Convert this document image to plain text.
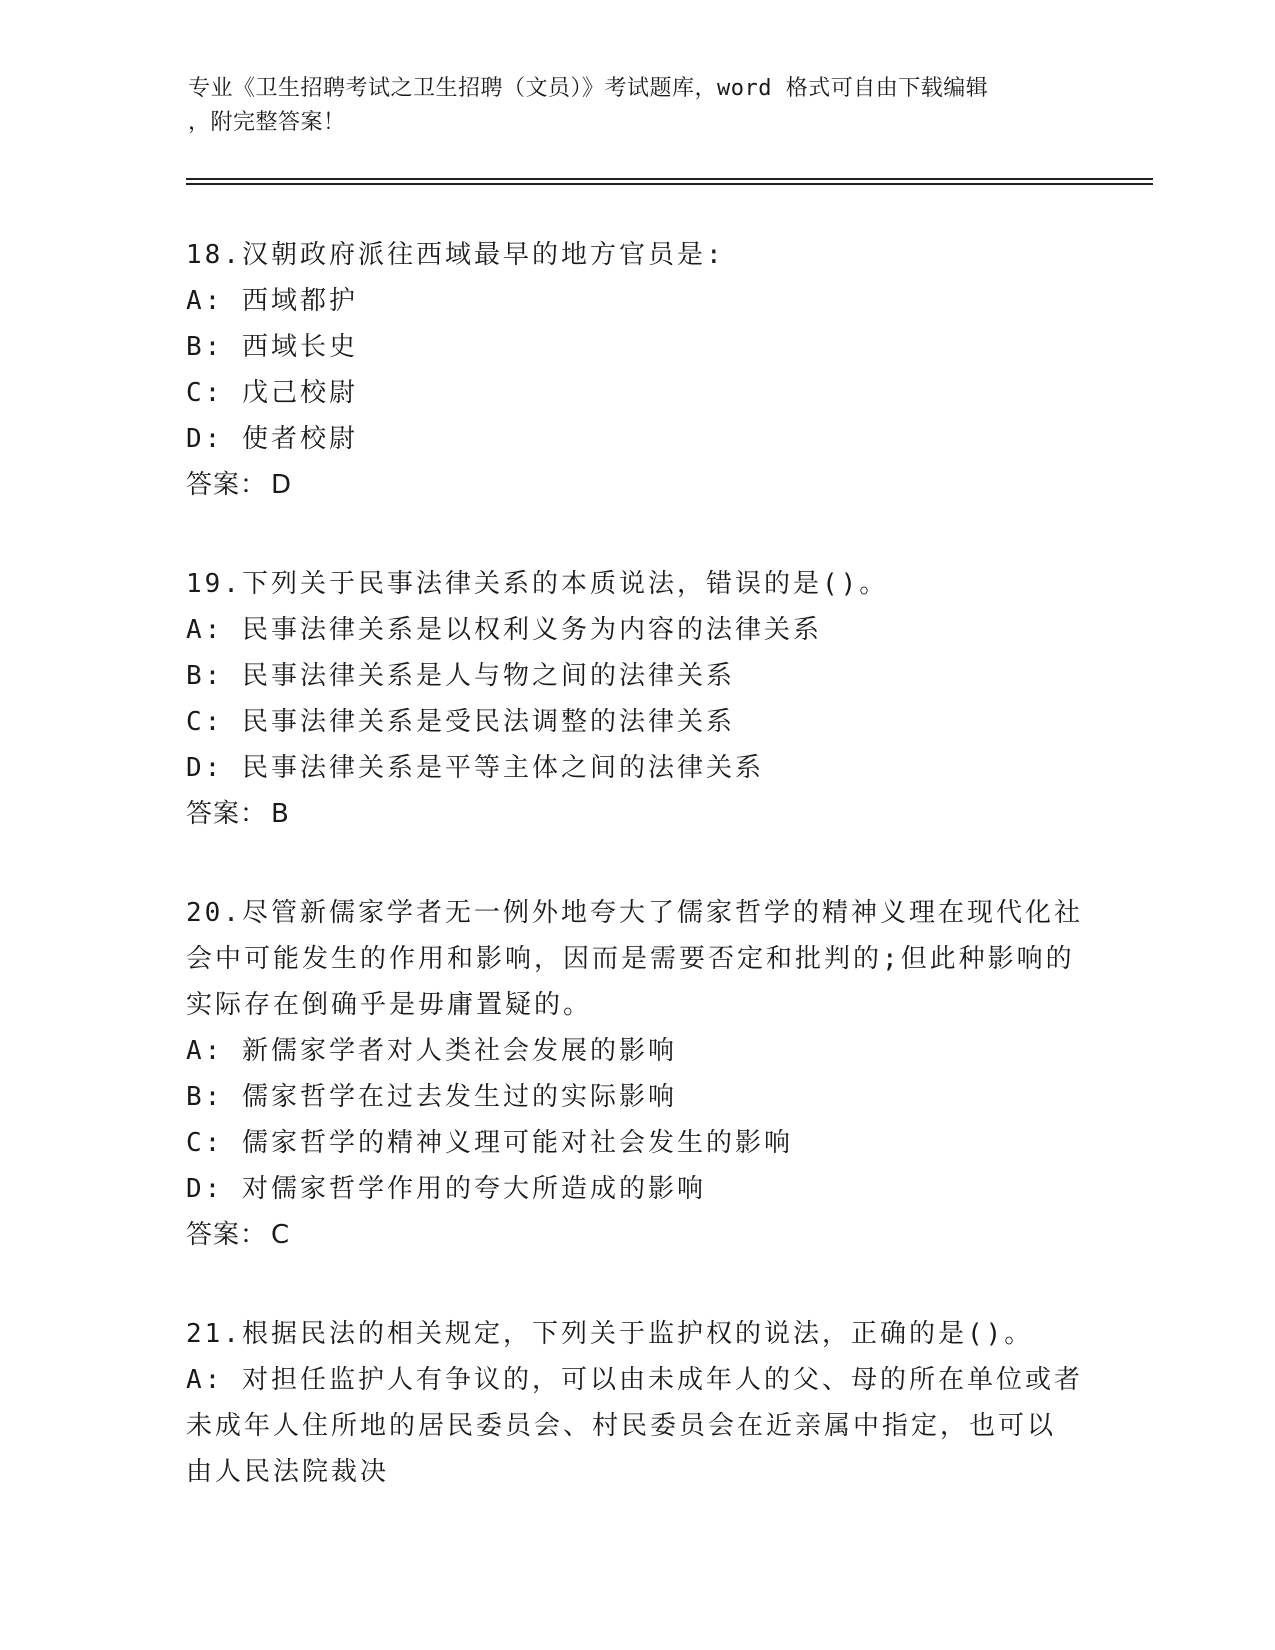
专业《卫生招聘考试之卫生招聘（文员）》考试题库，word 格式可自由下载编辑
，附完整答案！

18.汉朝政府派往西域最早的地方官员是:

A: 西域都护

B: 西域长史

C: 戊己校尉

D: 使者校尉

答案： D

19.下列关于民事法律关系的本质说法，错误的是()。

A: 民事法律关系是以权利义务为内容的法律关系

B: 民事法律关系是人与物之间的法律关系

C: 民事法律关系是受民法调整的法律关系

D: 民事法律关系是平等主体之间的法律关系

答案： B

20.尽管新儒家学者无一例外地夸大了儒家哲学的精神义理在现代化社

会中可能发生的作用和影响，因而是需要否定和批判的;但此种影响的

实际存在倒确乎是毋庸置疑的。

A: 新儒家学者对人类社会发展的影响

B: 儒家哲学在过去发生过的实际影响

C: 儒家哲学的精神义理可能对社会发生的影响

D: 对儒家哲学作用的夸大所造成的影响

答案： C

21.根据民法的相关规定，下列关于监护权的说法，正确的是()。

A: 对担任监护人有争议的，可以由未成年人的父、母的所在单位或者

未成年人住所地的居民委员会、村民委员会在近亲属中指定，也可以

由人民法院裁决
